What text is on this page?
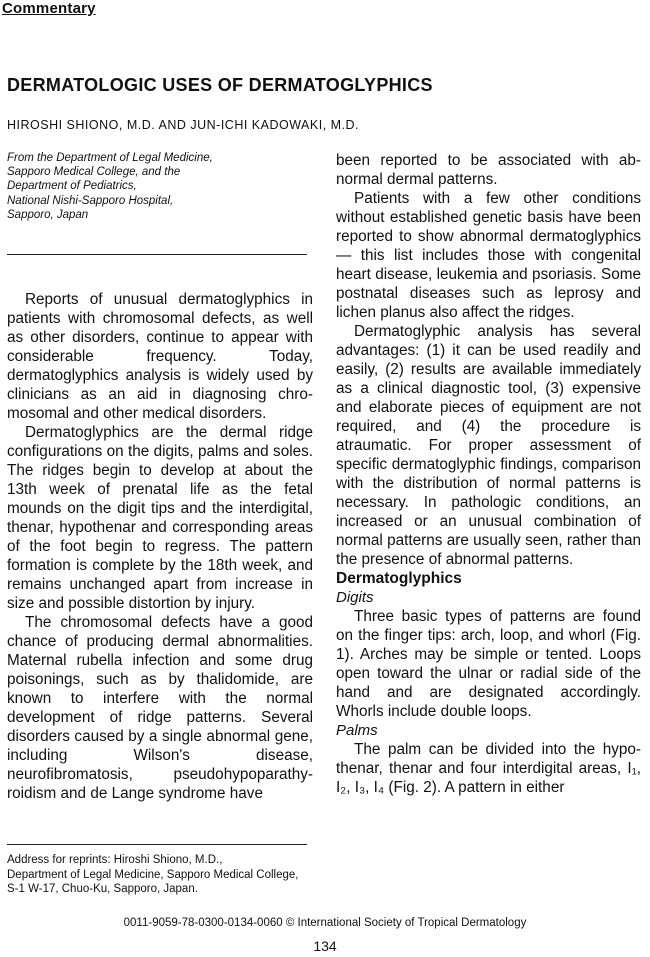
Commentary
DERMATOLOGIC USES OF DERMATOGLYPHICS
HIROSHI SHIONO, M.D. AND JUN-ICHI KADOWAKI, M.D.
From the Department of Legal Medicine,
Sapporo Medical College, and the
Department of Pediatrics,
National Nishi-Sapporo Hospital,
Sapporo, Japan

Reports of unusual dermatoglyphics in patients with chromosomal defects, as well as other disorders, continue to appear with considerable frequency. Today, dermatoglyphics analysis is widely used by clinicians as an aid in diagnosing chromosomal and other medical disorders.

Dermatoglyphics are the dermal ridge configurations on the digits, palms and soles. The ridges begin to develop at about the 13th week of prenatal life as the fetal mounds on the digit tips and the interdigital, thenar, hypothenar and corresponding areas of the foot begin to regress. The pattern formation is complete by the 18th week, and remains unchanged apart from increase in size and possible distortion by injury.

The chromosomal defects have a good chance of producing dermal abnormalities. Maternal rubella infection and some drug poisonings, such as by thalidomide, are known to interfere with the normal development of ridge patterns. Several disorders caused by a single abnormal gene, including Wilson's disease, neurofibromatosis, pseudohypoparathyroidism and de Lange syndrome have

been reported to be associated with abnormal dermal patterns.

Patients with a few other conditions without established genetic basis have been reported to show abnormal dermatoglyphics — this list includes those with congenital heart disease, leukemia and psoriasis. Some postnatal diseases such as leprosy and lichen planus also affect the ridges.

Dermatoglyphic analysis has several advantages: (1) it can be used readily and easily, (2) results are available immediately as a clinical diagnostic tool, (3) expensive and elaborate pieces of equipment are not required, and (4) the procedure is atraumatic. For proper assessment of specific dermatoglyphic findings, comparison with the distribution of normal patterns is necessary. In pathologic conditions, an increased or an unusual combination of normal patterns are usually seen, rather than the presence of abnormal patterns.

Dermatoglyphics

Digits

Three basic types of patterns are found on the finger tips: arch, loop, and whorl (Fig. 1). Arches may be simple or tented. Loops open toward the ulnar or radial side of the hand and are designated accordingly. Whorls include double loops.

Palms

The palm can be divided into the hypothenar, thenar and four interdigital areas, I₁, I₂, I₃, I₄ (Fig. 2). A pattern in either

Address for reprints: Hiroshi Shiono, M.D.,
Department of Legal Medicine, Sapporo Medical College,
S-1 W-17, Chuo-Ku, Sapporo, Japan.
0011-9059-78-0300-0134-0060 © International Society of Tropical Dermatology
134
